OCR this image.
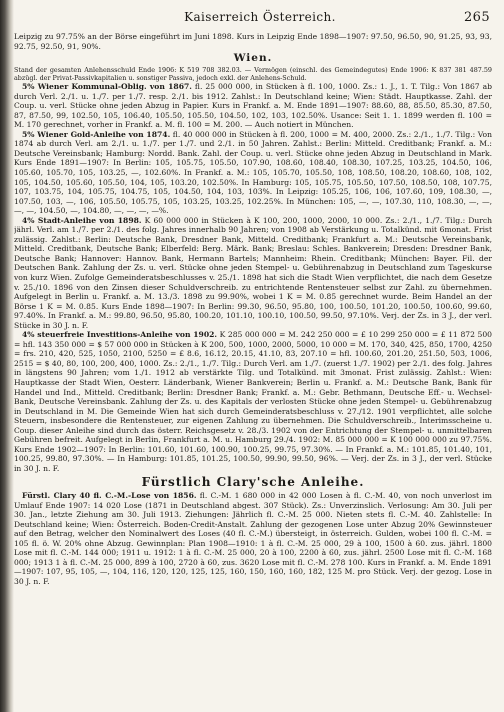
Kaiserreich Österreich.	265

Leipzig zu 97.75% an der Börse eingeführt im Juni 1898. Kurs in Leipzig Ende 1898—1907: 97.50, 96.50, 90, 91.25, 93, 93, 92.75, 92.50, 91, 90%.

Wien.

Stand der gesamten Anlehensschuld Ende 1906: K 519 708 382.03. — Vermögen (einschl. des Gemeindegutes) Ende 1906: K 837 381 487.59 abzügl. der Privat-Passivkapitalien u. sonstiger Passiva, jedoch exkl. der Anlehens-Schuld.

5% Wiener Kommunal-Oblig. von 1867. fl. 25 000 000, in Stücken à fl. 100, 1000. Zs.: 1. J., 1. T. Tilg.: Von 1867 ab durch Verl. 2./1. u. 1./7. per 1./7. resp. 2./1. bis 1912. Zahlst.: In Deutschland keine; Wien: Städt. Hauptkasse. Zahl. der Coup. u. verl. Stücke ohne jeden Abzug in Papier. Kurs in Frankf. a. M. Ende 1891—1907: 88.60, 88, 85.50, 85.30, 87.50, 87, 87.50, 99, 102.50, 105, 106.40, 105.50, 105.50, 104.50, 102, 103, 102.50%. Usance: Seit 1. 1. 1899 werden fl. 100 = M. 170 gerechnet, vorher in Frankf. a. M. fl. 100 = M. 200. — Auch notiert in München.

5% Wiener Gold-Anleihe von 1874. fl. 40 000 000 in Stücken à fl. 200, 1000 = M. 400, 2000. Zs.: 2./1., 1./7. Tilg.: Von 1874 ab durch Verl. am 2./1. u. 1./7. per 1./7. und 2./1. in 50 Jahren. Zahlst.: Berlin: Mitteld. Creditbank; Frankf. a. M.: Deutsche Vereinsbank; Hamburg: Nordd. Bank. Zahl. der Coup. u. verl. Stücke ohne jeden Abzug in Deutschland in Mark. Kurs Ende 1891—1907: In Berlin: 105, 105.75, 105.50, 107.90, 108.60, 108.40, 108.30, 107.25, 103.25, 104.50, 106, 105.60, 105.70, 105, 103.25, —, 102.60%. In Frankf. a. M.: 105, 105.70, 105.50, 108, 108.50, 108.20, 108.60, 108, 102, 105, 104.50, 105.60, 105.50, 104, 105, 103.20, 102.50%. In Hamburg: 105, 105.75, 105.50, 107.50, 108.50, 108, 107.75, 107, 103.75, 104, 105.75, 104.75, 105, 104.50, 104, 103, 103%. In Leipzig: 105.25, 106, 106, 107.60, 109, 108.30, —, 107.50, 103, —, 106, 105.50, 105.75, 105, 103.25, 103.25, 102.25%. In München: 105, —, —, 107.30, 110, 108.30, —, —, —, —, 104.50, —, 104.80, —, —, —, —%.

4% Stadt-Anleihe von 1898. K 60 000 000 in Stücken à K 100, 200, 1000, 2000, 10 000. Zs.: 2./1., 1./7. Tilg.: Durch jährl. Verl. am 1./7. per 2./1. des folg. Jahres innerhalb 90 Jahren; von 1908 ab Verstärkung u. Totalkünd. mit 6monat. Frist zulässig. Zahlst.: Berlin: Deutsche Bank, Dresdner Bank, Mitteld. Creditbank; Frankfurt a. M.: Deutsche Vereinsbank, Mitteld. Creditbank, Deutsche Bank; Elberfeld: Berg. Märk. Bank; Breslau: Schles. Bankverein; Dresden: Dresdner Bank, Deutsche Bank; Hannover: Hannov. Bank, Hermann Bartels; Mannheim: Rhein. Creditbank; München: Bayer. Fil. der Deutschen Bank. Zahlung der Zs. u. verl. Stücke ohne jeden Stempel- u. Gebührenabzug in Deutschland zum Tageskurse von kurz Wien. Zufolge Gemeinderatsbeschlusses v. 25./1. 1898 hat sich die Stadt Wien verpflichtet, die nach dem Gesetze v. 25./10. 1896 von den Zinsen dieser Schuldverschreib. zu entrichtende Rentensteuer selbst zur Zahl. zu übernehmen. Aufgelegt in Berlin u. Frankf. a. M. 13./3. 1898 zu 99.90%, wobei 1 K = M. 0.85 gerechnet wurde. Beim Handel an der Börse 1 K = M. 0.85. Kurs Ende 1898—1907: In Berlin: 99.30, 96.50, 95.80, 100, 100.50, 101.20, 100.50, 100.60, 99.60, 97.40%. In Frankf. a. M.: 99.80, 96.50, 95.80, 100.20, 101.10, 100.10, 100.50, 99.50, 97.10%. Verj. der Zs. in 3 J., der verl. Stücke in 30 J. n. F.

4% steuerfreie Investitions-Anleihe von 1902. K 285 000 000 = M. 242 250 000 = £ 10 299 250 000 = £ 11 872 500 = hfl. 143 350 000 = $ 57 000 000 in Stücken à K 200, 500, 1000, 2000, 5000, 10 000 = M. 170, 340, 425, 850, 1700, 4250 = frs. 210, 420, 525, 1050, 2100, 5250 = £ 8.6, 16.12, 20.15, 41.10, 83, 207.10 = hfl. 100.60, 201.20, 251.50, 503, 1006, 2515 = $ 40, 80, 100, 200, 400, 1000. Zs.: 2./1., 1./7. Tilg.: Durch Verl. am 1./7. (zuerst 1./7. 1902) per 2./1. des folg. Jahres in längstens 90 Jahren; vom 1./1. 1912 ab verstärkte Tilg. und Totalkünd. mit 3monat. Frist zulässig. Zahlst.: Wien: Hauptkasse der Stadt Wien, Oesterr. Länderbank, Wiener Bankverein; Berlin u. Frankf. a. M.: Deutsche Bank, Bank für Handel und Ind., Mitteld. Creditbank; Berlin: Dresdner Bank; Frankf. a. M.: Gebr. Bethmann, Deutsche Eff.- u. Wechsel-Bank, Deutsche Vereinsbank. Zahlung der Zs. u. des Kapitals der verlosten Stücke ohne jeden Stempel- u. Gebührenabzug in Deutschland in M. Die Gemeinde Wien hat sich durch Gemeinderatsbeschluss v. 27./12. 1901 verpflichtet, alle solche Steuern, insbesondere die Rentensteuer, zur eigenen Zahlung zu übernehmen. Die Schuldverschreib., Interimsscheine u. Coup. dieser Anleihe sind durch das österr. Reichsgesetz v. 28./3. 1902 von der Entrichtung der Stempel- u. unmittelbaren Gebühren befreit. Aufgelegt in Berlin, Frankfurt a. M. u. Hamburg 29./4. 1902: M. 85 000 000 = K 100 000 000 zu 97.75%. Kurs Ende 1902—1907: In Berlin: 101.60, 101.60, 100.90, 100.25, 99.75, 97.30%. — In Frankf. a. M.: 101.85, 101.40, 101, 100.25, 99.80, 97.30%. — In Hamburg: 101.85, 101.25, 100.50, 99.90, 99.50, 96%. — Verj. der Zs. in 3 J., der verl. Stücke in 30 J. n. F.

Fürstlich Clary'sche Anleihe.

Fürstl. Clary 40 fl. C.-M.-Lose von 1856. fl. C.-M. 1 680 000 in 42 000 Losen à fl. C.-M. 40, von noch unverlost im Umlauf Ende 1907: 14 020 Lose (1871 in Deutschland abgest. 307 Stück). Zs.: Unverzinslich. Verlosung: Am 30. Juli per 30. Jan., letzte Ziehung am 30. Juli 1913. Ziehungen: Jährlich fl. C.-M. 25 000. Nieten stets fl. C.-M. 40. Zahlstelle: In Deutschland keine; Wien: Österreich. Boden-Credit-Anstalt. Zahlung der gezogenen Lose unter Abzug 20% Gewinnsteuer auf den Betrag, welcher den Nominalwert des Loses (40 fl. C.-M.) übersteigt, in österreich. Gulden, wobei 100 fl. C.-M. = 105 fl. ö. W. 20% ohne Abzug. Gewinnplan: Plan 1908—1910: 1 à fl. C.-M. 25 000, 29 à 100, 1500 à 60. zus. jährl. 1800 Lose mit fl. C.-M. 144 000; 1911 u. 1912: 1 à fl. C.-M. 25 000, 20 à 100, 2200 à 60, zus. jährl. 2500 Lose mit fl. C.-M. 168 000; 1913 1 à fl. C.-M. 25 000, 899 à 100, 2720 à 60, zus. 3620 Lose mit fl. C.-M. 278 100. Kurs in Frankf. a. M. Ende 1891—1907: 107, 95, 105, —, 104, 116, 120, 120, 125, 125, 160, 150, 160, 160, 182, 125 M. pro Stück. Verj. der gezog. Lose in 30 J. n. F.
